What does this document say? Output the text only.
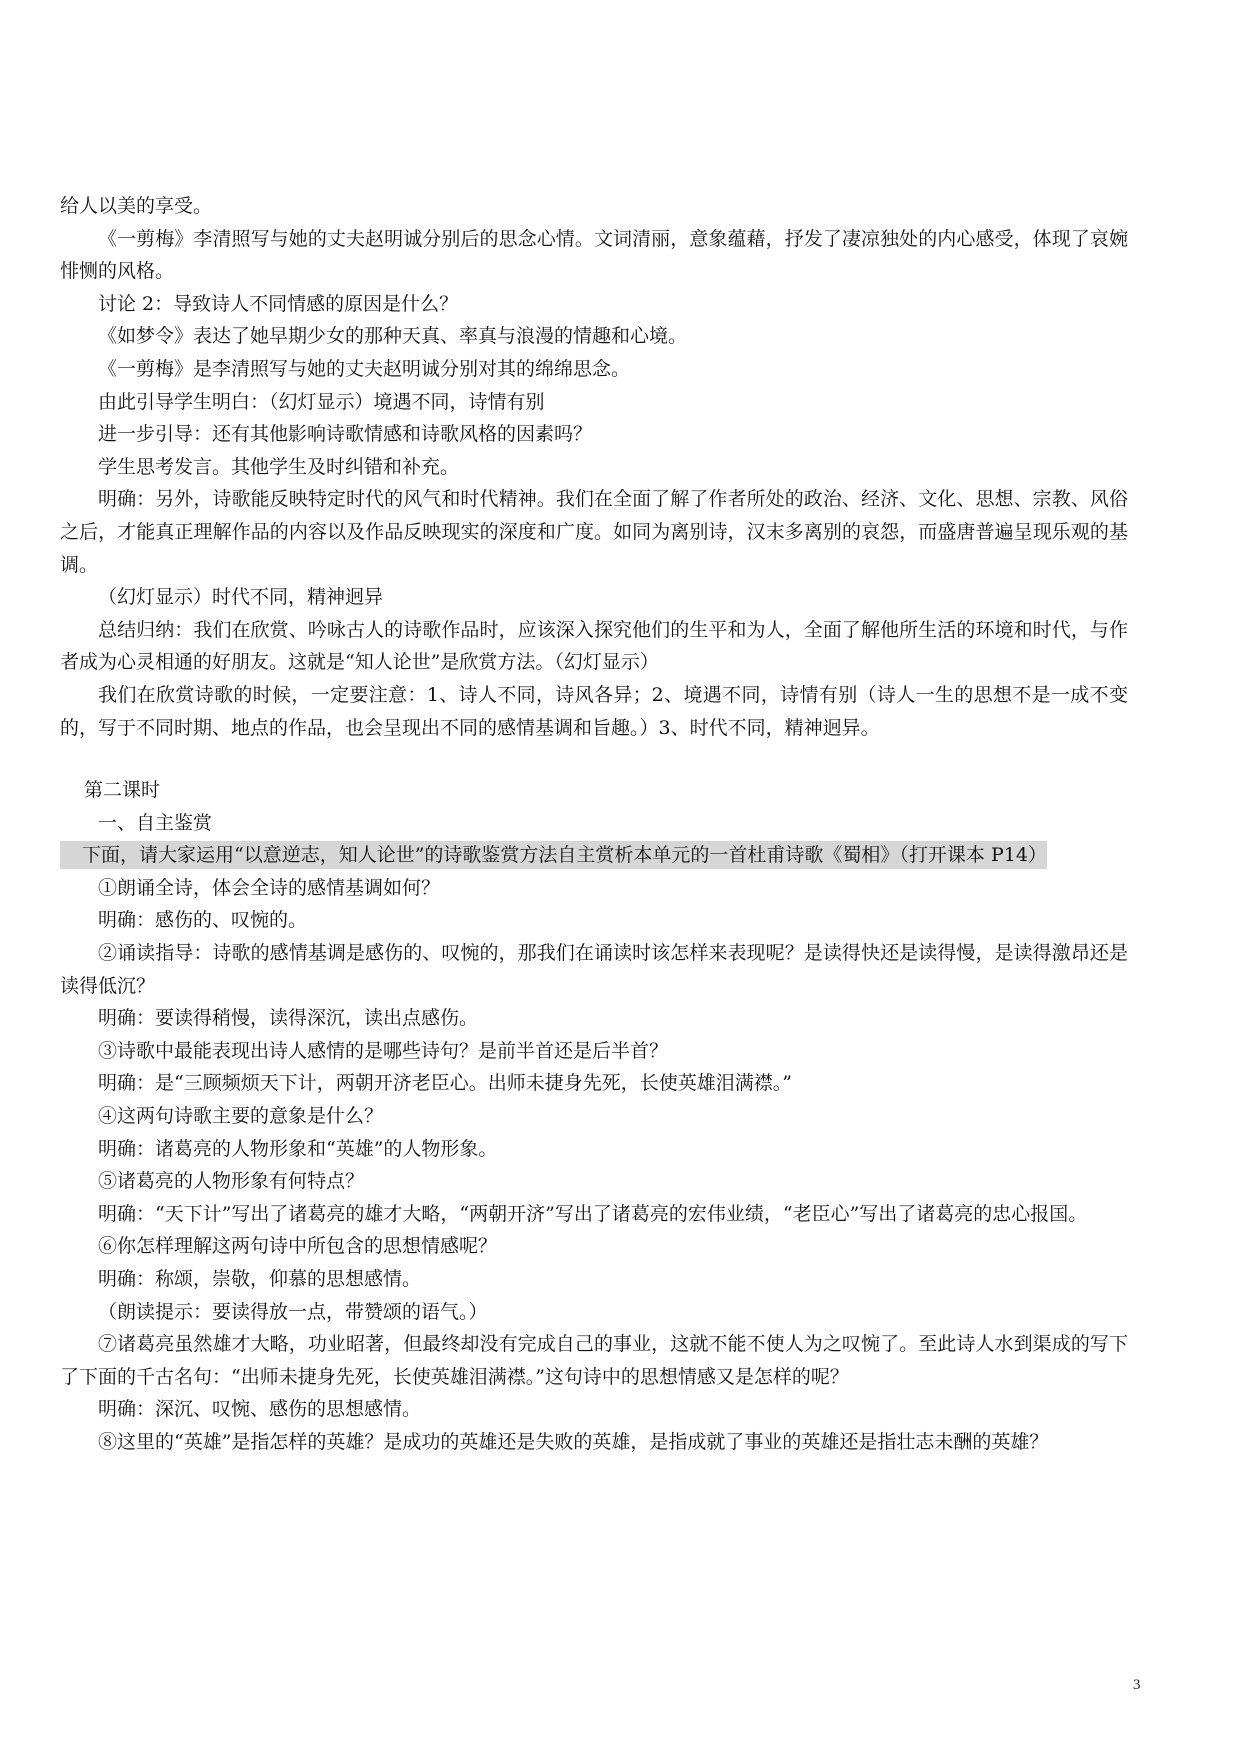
给人以美的享受。

《一剪梅》李清照写与她的丈夫赵明诚分别后的思念心情。文词清丽，意象蕴藉，抒发了凄凉独处的内心感受，体现了哀婉悱恻的风格。

讨论 2：导致诗人不同情感的原因是什么？

《如梦令》表达了她早期少女的那种天真、率真与浪漫的情趣和心境。

《一剪梅》是李清照写与她的丈夫赵明诚分别对其的绵绵思念。

由此引导学生明白：（幻灯显示）境遇不同，诗情有别

进一步引导：还有其他影响诗歌情感和诗歌风格的因素吗？

学生思考发言。其他学生及时纠错和补充。

明确：另外，诗歌能反映特定时代的风气和时代精神。我们在全面了解了作者所处的政治、经济、文化、思想、宗教、风俗之后，才能真正理解作品的内容以及作品反映现实的深度和广度。如同为离别诗，汉末多离别的哀怨，而盛唐普遍呈现乐观的基调。

（幻灯显示）时代不同，精神迥异

总结归纳：我们在欣赏、吟咏古人的诗歌作品时，应该深入探究他们的生平和为人，全面了解他所生活的环境和时代，与作者成为心灵相通的好朋友。这就是“知人论世”是欣赏方法。（幻灯显示）

我们在欣赏诗歌的时候，一定要注意：1、诗人不同，诗风各异；2、境遇不同，诗情有别（诗人一生的思想不是一成不变的，写于不同时期、地点的作品，也会呈现出不同的感情基调和旨趣。）3、时代不同，精神迥异。

第二课时

一、自主鉴赏

下面，请大家运用“以意逆志，知人论世”的诗歌鉴赏方法自主赏析本单元的一首杜甫诗歌《蜀相》（打开课本 P14）

①朗诵全诗，体会全诗的感情基调如何？

明确：感伤的、叹惋的。

②诵读指导：诗歌的感情基调是感伤的、叹惋的，那我们在诵读时该怎样来表现呢？是读得快还是读得慢，是读得激昂还是读得低沉？

明确：要读得稍慢，读得深沉，读出点感伤。

③诗歌中最能表现出诗人感情的是哪些诗句？是前半首还是后半首？

明确：是“三顾频烦天下计，两朝开济老臣心。出师未捷身先死，长使英雄泪满襟。”

④这两句诗歌主要的意象是什么？

明确：诸葛亮的人物形象和“英雄”的人物形象。

⑤诸葛亮的人物形象有何特点？

明确：“天下计”写出了诸葛亮的雄才大略，“两朝开济”写出了诸葛亮的宏伟业绩，“老臣心”写出了诸葛亮的忠心报国。

⑥你怎样理解这两句诗中所包含的思想情感呢？

明确：称颂，崇敬，仰慕的思想感情。

（朗读提示：要读得放一点，带赞颂的语气。）

⑦诸葛亮虽然雄才大略，功业昭著，但最终却没有完成自己的事业，这就不能不使人为之叹惋了。至此诗人水到渠成的写下了下面的千古名句：“出师未捷身先死，长使英雄泪满襟。”这句诗中的思想情感又是怎样的呢？

明确：深沉、叹惋、感伤的思想感情。

⑧这里的“英雄”是指怎样的英雄？是成功的英雄还是失败的英雄，是指成就了事业的英雄还是指壮志未酬的英雄？

3
